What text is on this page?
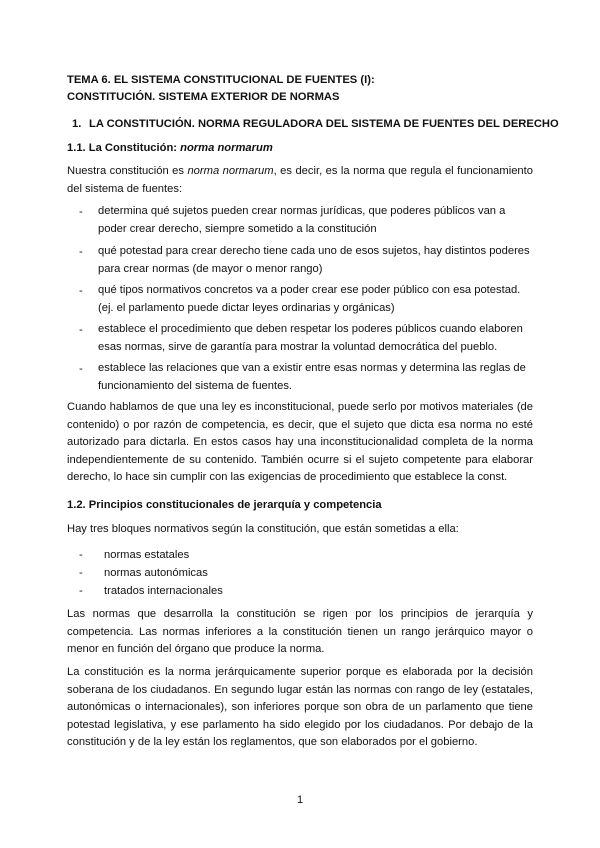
TEMA 6. EL SISTEMA CONSTITUCIONAL DE FUENTES (I):
CONSTITUCIÓN. SISTEMA EXTERIOR DE NORMAS
1. LA CONSTITUCIÓN. NORMA REGULADORA DEL SISTEMA DE FUENTES DEL DERECHO
1.1. La Constitución: norma normarum
Nuestra constitución es norma normarum, es decir, es la norma que regula el funcionamiento del sistema de fuentes:
- determina qué sujetos pueden crear normas jurídicas, que poderes públicos van a poder crear derecho, siempre sometido a la constitución
- qué potestad para crear derecho tiene cada uno de esos sujetos, hay distintos poderes para crear normas (de mayor o menor rango)
- qué tipos normativos concretos va a poder crear ese poder público con esa potestad. (ej. el parlamento puede dictar leyes ordinarias y orgánicas)
- establece el procedimiento que deben respetar los poderes públicos cuando elaboren esas normas, sirve de garantía para mostrar la voluntad democrática del pueblo.
- establece las relaciones que van a existir entre esas normas y determina las reglas de funcionamiento del sistema de fuentes.
Cuando hablamos de que una ley es inconstitucional, puede serlo por motivos materiales (de contenido) o por razón de competencia, es decir, que el sujeto que dicta esa norma no esté autorizado para dictarla. En estos casos hay una inconstitucionalidad completa de la norma independientemente de su contenido. También ocurre si el sujeto competente para elaborar derecho, lo hace sin cumplir con las exigencias de procedimiento que establece la const.
1.2. Principios constitucionales de jerarquía y competencia
Hay tres bloques normativos según la constitución, que están sometidas a ella:
- normas estatales
- normas autonómicas
- tratados internacionales
Las normas que desarrolla la constitución se rigen por los principios de jerarquía y competencia. Las normas inferiores a la constitución tienen un rango jerárquico mayor o menor en función del órgano que produce la norma.
La constitución es la norma jerárquicamente superior porque es elaborada por la decisión soberana de los ciudadanos. En segundo lugar están las normas con rango de ley (estatales, autonómicas o internacionales), son inferiores porque son obra de un parlamento que tiene potestad legislativa, y ese parlamento ha sido elegido por los ciudadanos. Por debajo de la constitución y de la ley están los reglamentos, que son elaborados por el gobierno.
1
